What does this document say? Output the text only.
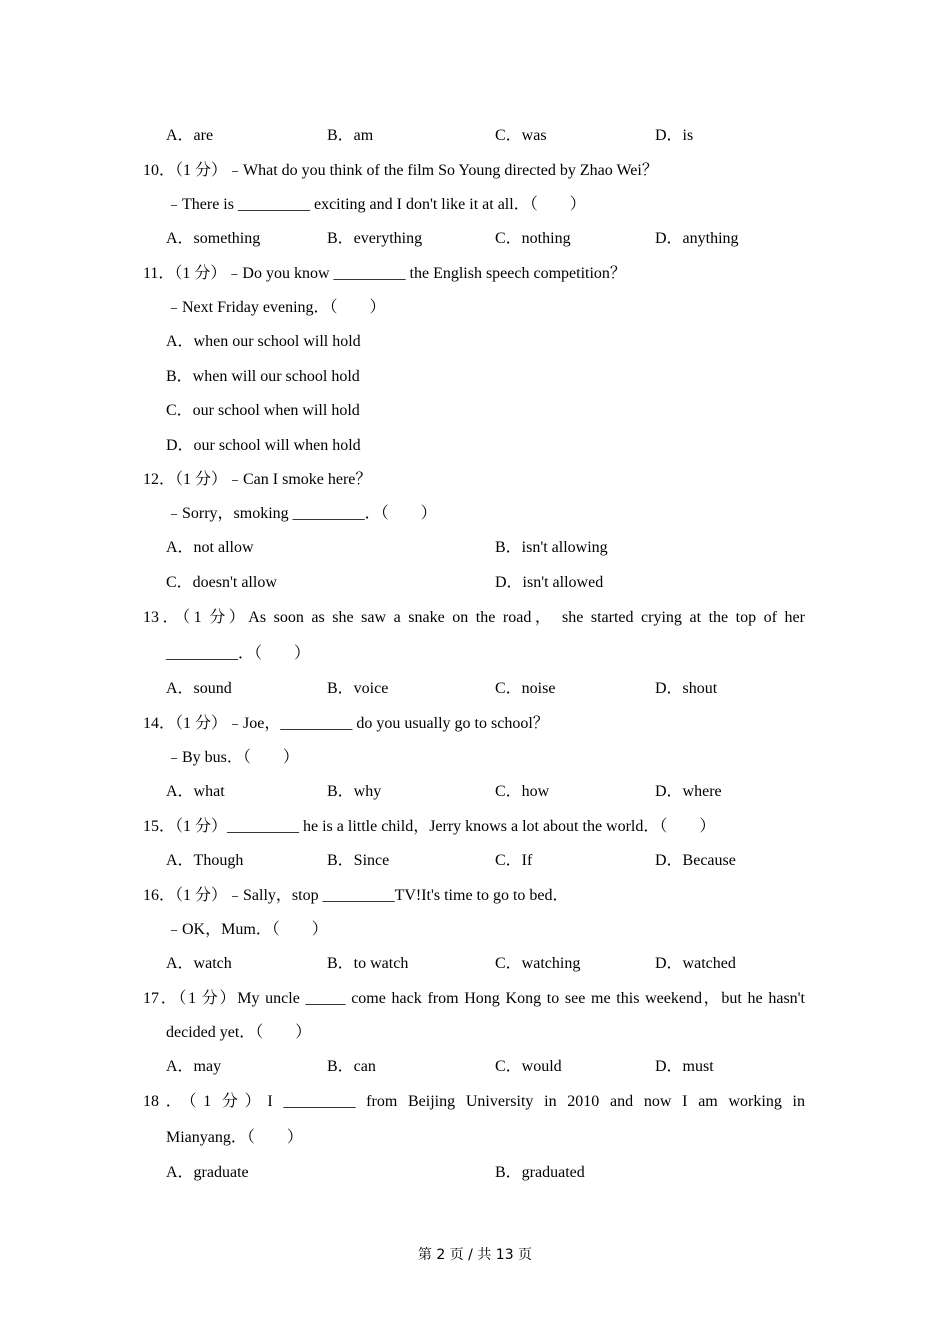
A．are	B．am	C．was	D．is
10．（1 分）﹣What do you think of the film So Young directed by Zhao Wei？
﹣There is _________ exciting and I don't like it at all．（　　）
A．something	B．everything	C．nothing	D．anything
11．（1 分）﹣Do you know _________ the English speech competition？
﹣Next Friday evening．（　　）
A．when our school will hold
B．when will our school hold
C．our school when will hold
D．our school will when hold
12．（1 分）﹣Can I smoke here？
﹣Sorry，smoking _________．（　　）
A．not allow	B．isn't allowing
C．doesn't allow	D．isn't allowed
13．（1 分）As soon as she saw a snake on the road， she started crying at the top of her
_________．（　　）
A．sound	B．voice	C．noise	D．shout
14．（1 分）﹣Joe，_________ do you usually go to school？
﹣By bus．（　　）
A．what	B．why	C．how	D．where
15．（1 分）_________ he is a little child，Jerry knows a lot about the world．（　　）
A．Though	B．Since	C．If	D．Because
16．（1 分）﹣Sally，stop _________TV!It's time to go to bed．
﹣OK，Mum．（　　）
A．watch	B．to watch	C．watching	D．watched
17．（1 分）My uncle _____ come hack from Hong Kong to see me this weekend，but he hasn't
decided yet．（　　）
A．may	B．can	C．would	D．must
18．（1 分）I _________ from Beijing University in 2010 and now I am working in
Mianyang．（　　）
A．graduate	B．graduated
第 2 页 / 共 13 页
